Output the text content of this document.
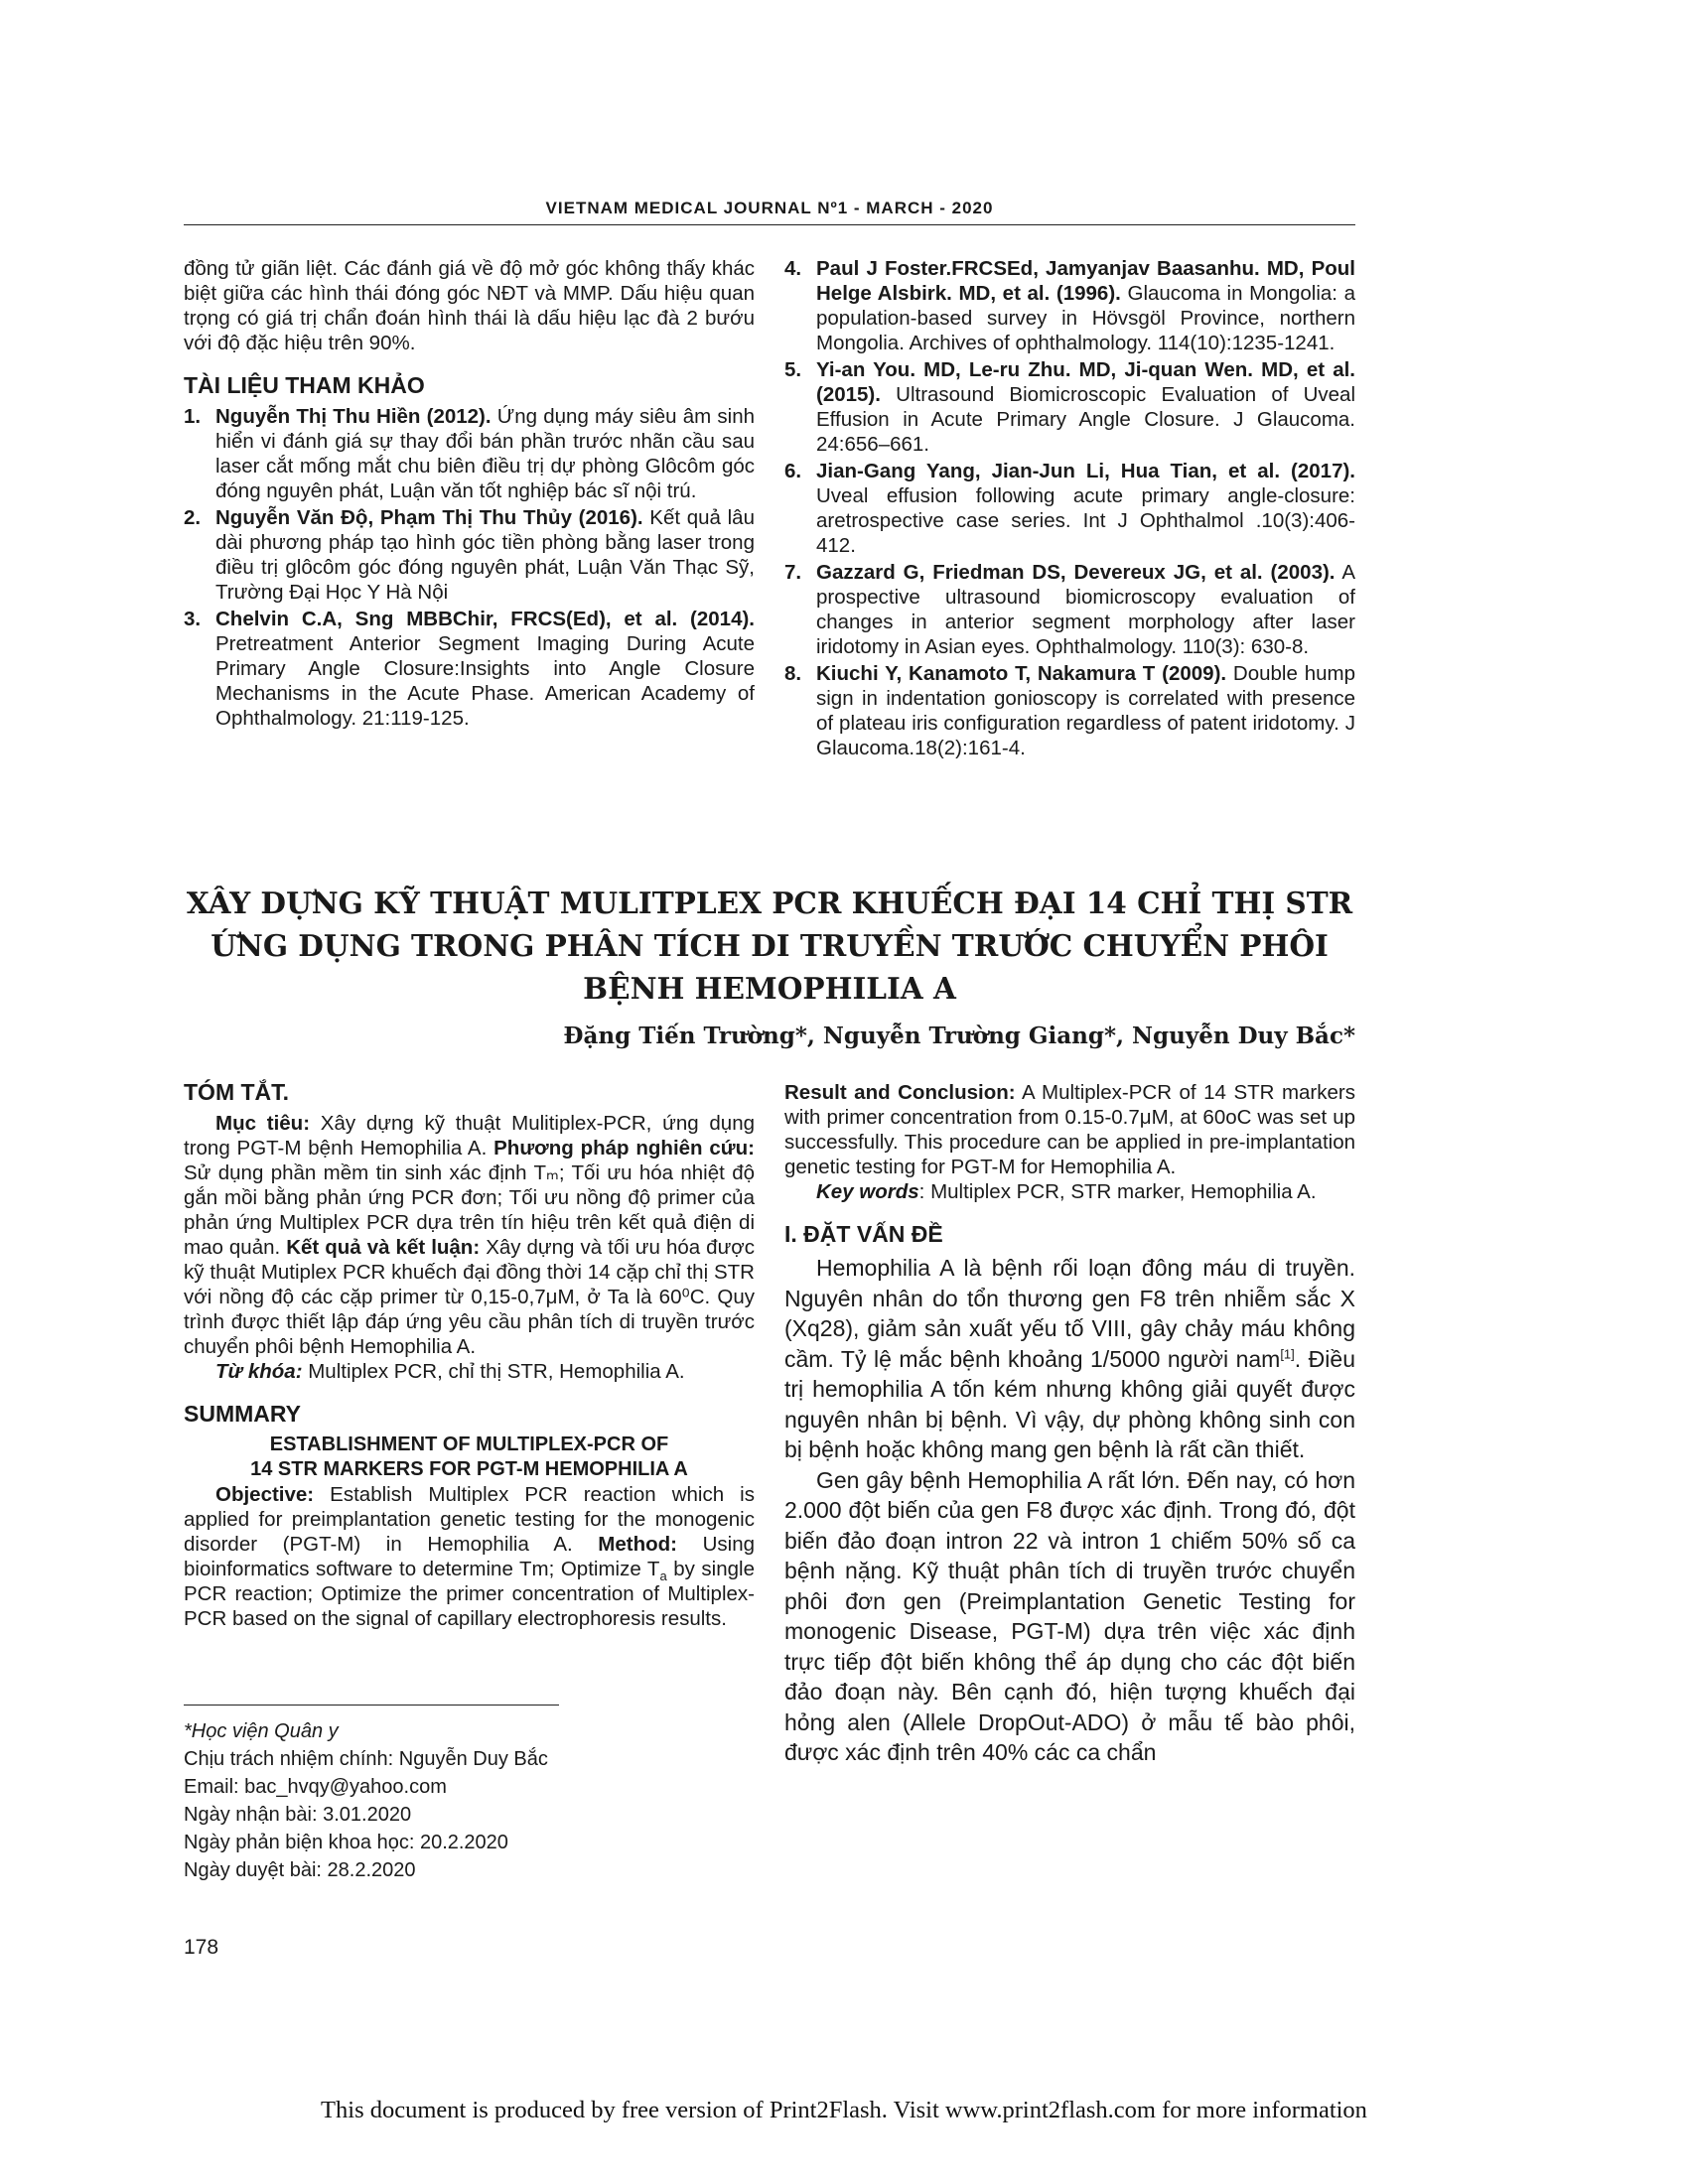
VIETNAM MEDICAL JOURNAL Nº1 - MARCH - 2020

đồng tử giãn liệt. Các đánh giá về độ mở góc không thấy khác biệt giữa các hình thái đóng góc NĐT và MMP. Dấu hiệu quan trọng có giá trị chẩn đoán hình thái là dấu hiệu lạc đà 2 bướu với độ đặc hiệu trên 90%.

TÀI LIỆU THAM KHẢO
1. Nguyễn Thị Thu Hiền (2012). Ứng dụng máy siêu âm sinh hiển vi đánh giá sự thay đổi bán phần trước nhãn cầu sau laser cắt mống mắt chu biên điều trị dự phòng Glôcôm góc đóng nguyên phát, Luận văn tốt nghiệp bác sĩ nội trú.
2. Nguyễn Văn Độ, Phạm Thị Thu Thủy (2016). Kết quả lâu dài phương pháp tạo hình góc tiền phòng bằng laser trong điều trị glôcôm góc đóng nguyên phát, Luận Văn Thạc Sỹ, Trường Đại Học Y Hà Nội
3. Chelvin C.A, Sng MBBChir, FRCS(Ed), et al. (2014). Pretreatment Anterior Segment Imaging During Acute Primary Angle Closure:Insights into Angle Closure Mechanisms in the Acute Phase. American Academy of Ophthalmology. 21:119-125.
4. Paul J Foster.FRCSEd, Jamyanjav Baasanhu. MD, Poul Helge Alsbirk. MD, et al. (1996). Glaucoma in Mongolia: a population-based survey in Hövsgöl Province, northern Mongolia. Archives of ophthalmology. 114(10):1235-1241.
5. Yi-an You. MD, Le-ru Zhu. MD, Ji-quan Wen. MD, et al. (2015). Ultrasound Biomicroscopic Evaluation of Uveal Effusion in Acute Primary Angle Closure. J Glaucoma. 24:656–661.
6. Jian-Gang Yang, Jian-Jun Li, Hua Tian, et al. (2017). Uveal effusion following acute primary angle-closure: aretrospective case series. Int J Ophthalmol .10(3):406-412.
7. Gazzard G, Friedman DS, Devereux JG, et al. (2003). A prospective ultrasound biomicroscopy evaluation of changes in anterior segment morphology after laser iridotomy in Asian eyes. Ophthalmology. 110(3): 630-8.
8. Kiuchi Y, Kanamoto T, Nakamura T (2009). Double hump sign in indentation gonioscopy is correlated with presence of plateau iris configuration regardless of patent iridotomy. J Glaucoma.18(2):161-4.
XÂY DỰNG KỸ THUẬT MULITPLEX PCR KHUẾCH ĐẠI 14 CHỈ THỊ STR
ỨNG DỤNG TRONG PHÂN TÍCH DI TRUYỀN TRƯỚC CHUYỂN PHÔI
BỆNH HEMOPHILIA A
Đặng Tiến Trường*, Nguyễn Trường Giang*, Nguyễn Duy Bắc*
TÓM TẮT.

Mục tiêu: Xây dựng kỹ thuật Mulitiplex-PCR, ứng dụng trong PGT-M bệnh Hemophilia A. Phương pháp nghiên cứu: Sử dụng phần mềm tin sinh xác định Tₘ; Tối ưu hóa nhiệt độ gắn mồi bằng phản ứng PCR đơn; Tối ưu nồng độ primer của phản ứng Multiplex PCR dựa trên tín hiệu trên kết quả điện di mao quản. Kết quả và kết luận: Xây dựng và tối ưu hóa được kỹ thuật Mutiplex PCR khuếch đại đồng thời 14 cặp chỉ thị STR với nồng độ các cặp primer từ 0,15-0,7μM, ở Ta là 60⁰C. Quy trình được thiết lập đáp ứng yêu cầu phân tích di truyền trước chuyển phôi bệnh Hemophilia A.

Từ khóa: Multiplex PCR, chỉ thị STR, Hemophilia A.

SUMMARY

ESTABLISHMENT OF MULTIPLEX-PCR OF

14 STR MARKERS FOR PGT-M HEMOPHILIA A

Objective: Establish Multiplex PCR reaction which is applied for preimplantation genetic testing for the monogenic disorder (PGT-M) in Hemophilia A. Method: Using bioinformatics software to determine Tm; Optimize $T_a$ by single PCR reaction; Optimize the primer concentration of Multiplex-PCR based on the signal of capillary electrophoresis results.

Result and Conclusion: A Multiplex-PCR of 14 STR markers with primer concentration from 0.15-0.7μM, at 60oC was set up successfully. This procedure can be applied in pre-implantation genetic testing for PGT-M for Hemophilia A.

Key words: Multiplex PCR, STR marker, Hemophilia A.

I. ĐẶT VẤN ĐỀ

Hemophilia A là bệnh rối loạn đông máu di truyền. Nguyên nhân do tổn thương gen F8 trên nhiễm sắc X (Xq28), giảm sản xuất yếu tố VIII, gây chảy máu không cầm. Tỷ lệ mắc bệnh khoảng 1/5000 người nam[1]. Điều trị hemophilia A tốn kém nhưng không giải quyết được nguyên nhân bị bệnh. Vì vậy, dự phòng không sinh con bị bệnh hoặc không mang gen bệnh là rất cần thiết.

Gen gây bệnh Hemophilia A rất lớn. Đến nay, có hơn 2.000 đột biến của gen F8 được xác định. Trong đó, đột biến đảo đoạn intron 22 và intron 1 chiếm 50% số ca bệnh nặng. Kỹ thuật phân tích di truyền trước chuyển phôi đơn gen (Preimplantation Genetic Testing for monogenic Disease, PGT-M) dựa trên việc xác định trực tiếp đột biến không thể áp dụng cho các đột biến đảo đoạn này. Bên cạnh đó, hiện tượng khuếch đại hỏng alen (Allele DropOut-ADO) ở mẫu tế bào phôi, được xác định trên 40% các ca chẩn

*Học viện Quân y
Chịu trách nhiệm chính: Nguyễn Duy Bắc
Email: bac_hvqy@yahoo.com
Ngày nhận bài: 3.01.2020
Ngày phản biện khoa học: 20.2.2020
Ngày duyệt bài: 28.2.2020
178
This document is produced by free version of Print2Flash. Visit www.print2flash.com for more information
